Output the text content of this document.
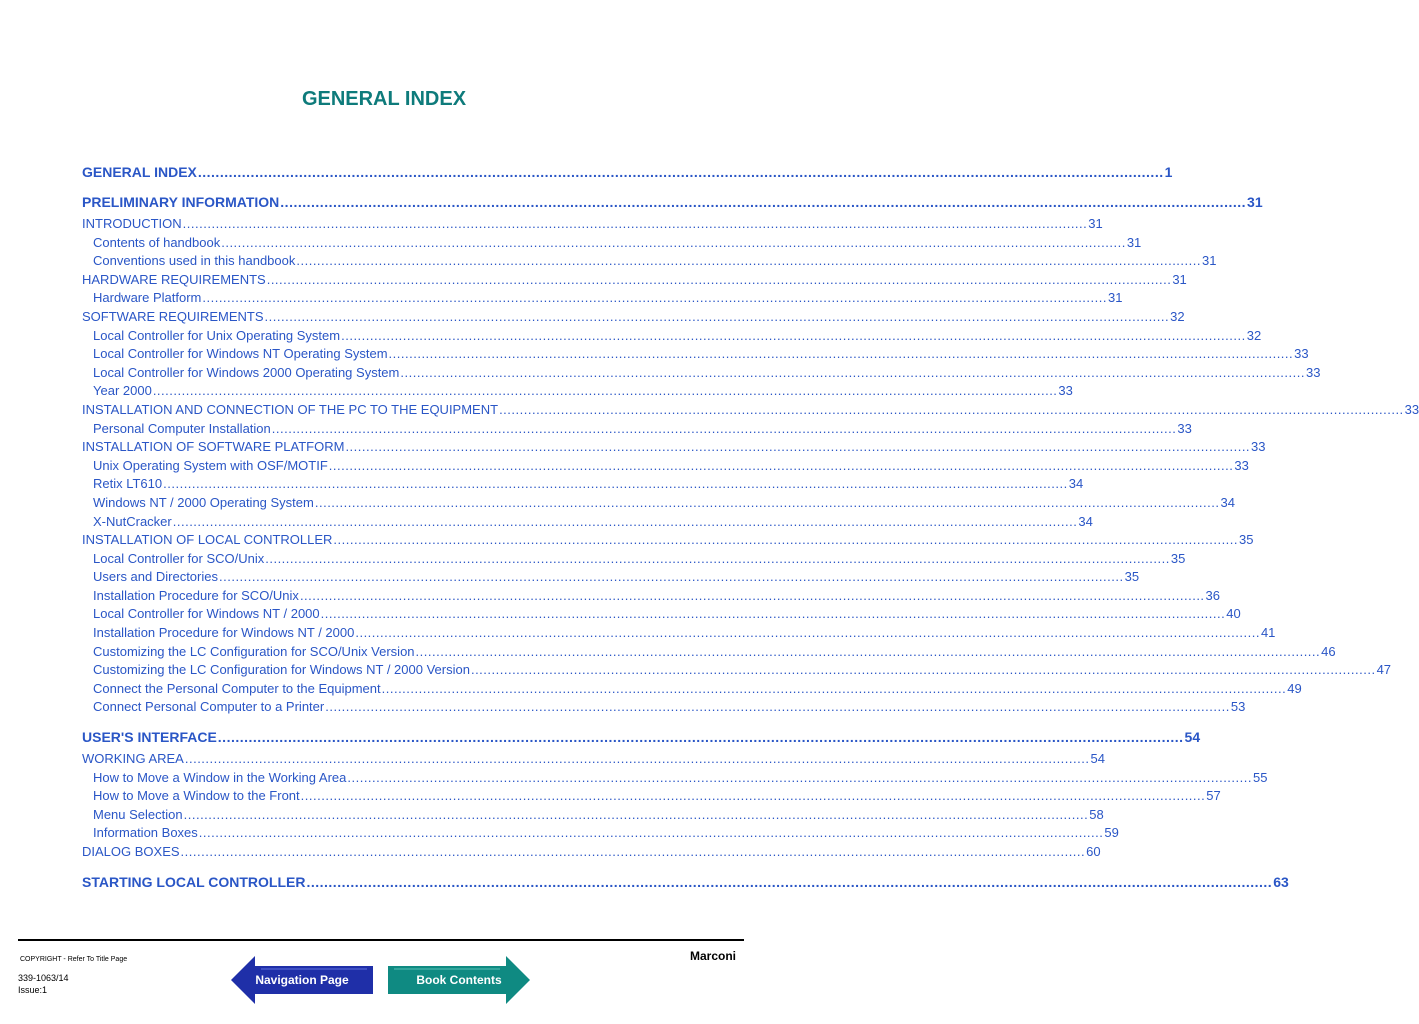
GENERAL INDEX
GENERAL INDEX ............................................................................................................................................................................................................................ 1
PRELIMINARY INFORMATION ............................................................................................................................................................................................................................ 31
INTRODUCTION ............................................................................................................................................................................................................................ 31
Contents of handbook ............................................................................................................................................................................................................................ 31
Conventions used in this handbook ............................................................................................................................................................................................................................ 31
HARDWARE REQUIREMENTS ............................................................................................................................................................................................................................ 31
Hardware Platform ............................................................................................................................................................................................................................ 31
SOFTWARE REQUIREMENTS ............................................................................................................................................................................................................................ 32
Local Controller for Unix Operating System ............................................................................................................................................................................................................................ 32
Local Controller for Windows NT Operating System ............................................................................................................................................................................................................................ 33
Local Controller for Windows 2000 Operating System ............................................................................................................................................................................................................................ 33
Year 2000 ............................................................................................................................................................................................................................ 33
INSTALLATION AND CONNECTION OF THE PC TO THE EQUIPMENT ............................................................................................................................................................................................................................ 33
Personal Computer Installation ............................................................................................................................................................................................................................ 33
INSTALLATION OF SOFTWARE PLATFORM ............................................................................................................................................................................................................................ 33
Unix Operating System with OSF/MOTIF ............................................................................................................................................................................................................................ 33
Retix LT610 ............................................................................................................................................................................................................................ 34
Windows NT / 2000 Operating System ............................................................................................................................................................................................................................ 34
X-NutCracker ............................................................................................................................................................................................................................ 34
INSTALLATION OF LOCAL CONTROLLER ............................................................................................................................................................................................................................ 35
Local Controller for SCO/Unix ............................................................................................................................................................................................................................ 35
Users and Directories ............................................................................................................................................................................................................................ 35
Installation Procedure for SCO/Unix ............................................................................................................................................................................................................................ 36
Local Controller for Windows NT / 2000 ............................................................................................................................................................................................................................ 40
Installation Procedure for Windows NT / 2000 ............................................................................................................................................................................................................................ 41
Customizing the LC Configuration for SCO/Unix Version ............................................................................................................................................................................................................................ 46
Customizing the LC Configuration for Windows NT / 2000 Version ............................................................................................................................................................................................................................ 47
Connect the Personal Computer to the Equipment ............................................................................................................................................................................................................................ 49
Connect Personal Computer to a Printer ............................................................................................................................................................................................................................ 53
USER'S INTERFACE ............................................................................................................................................................................................................................ 54
WORKING AREA ............................................................................................................................................................................................................................ 54
How to Move a Window in the Working Area ............................................................................................................................................................................................................................ 55
How to Move a Window to the Front ............................................................................................................................................................................................................................ 57
Menu Selection ............................................................................................................................................................................................................................ 58
Information Boxes ............................................................................................................................................................................................................................ 59
DIALOG BOXES ............................................................................................................................................................................................................................ 60
STARTING LOCAL CONTROLLER ............................................................................................................................................................................................................................ 63
COPYRIGHT - Refer To Title Page
339-1063/14
Issue:1
Marconi
Navigation Page	Book Contents
